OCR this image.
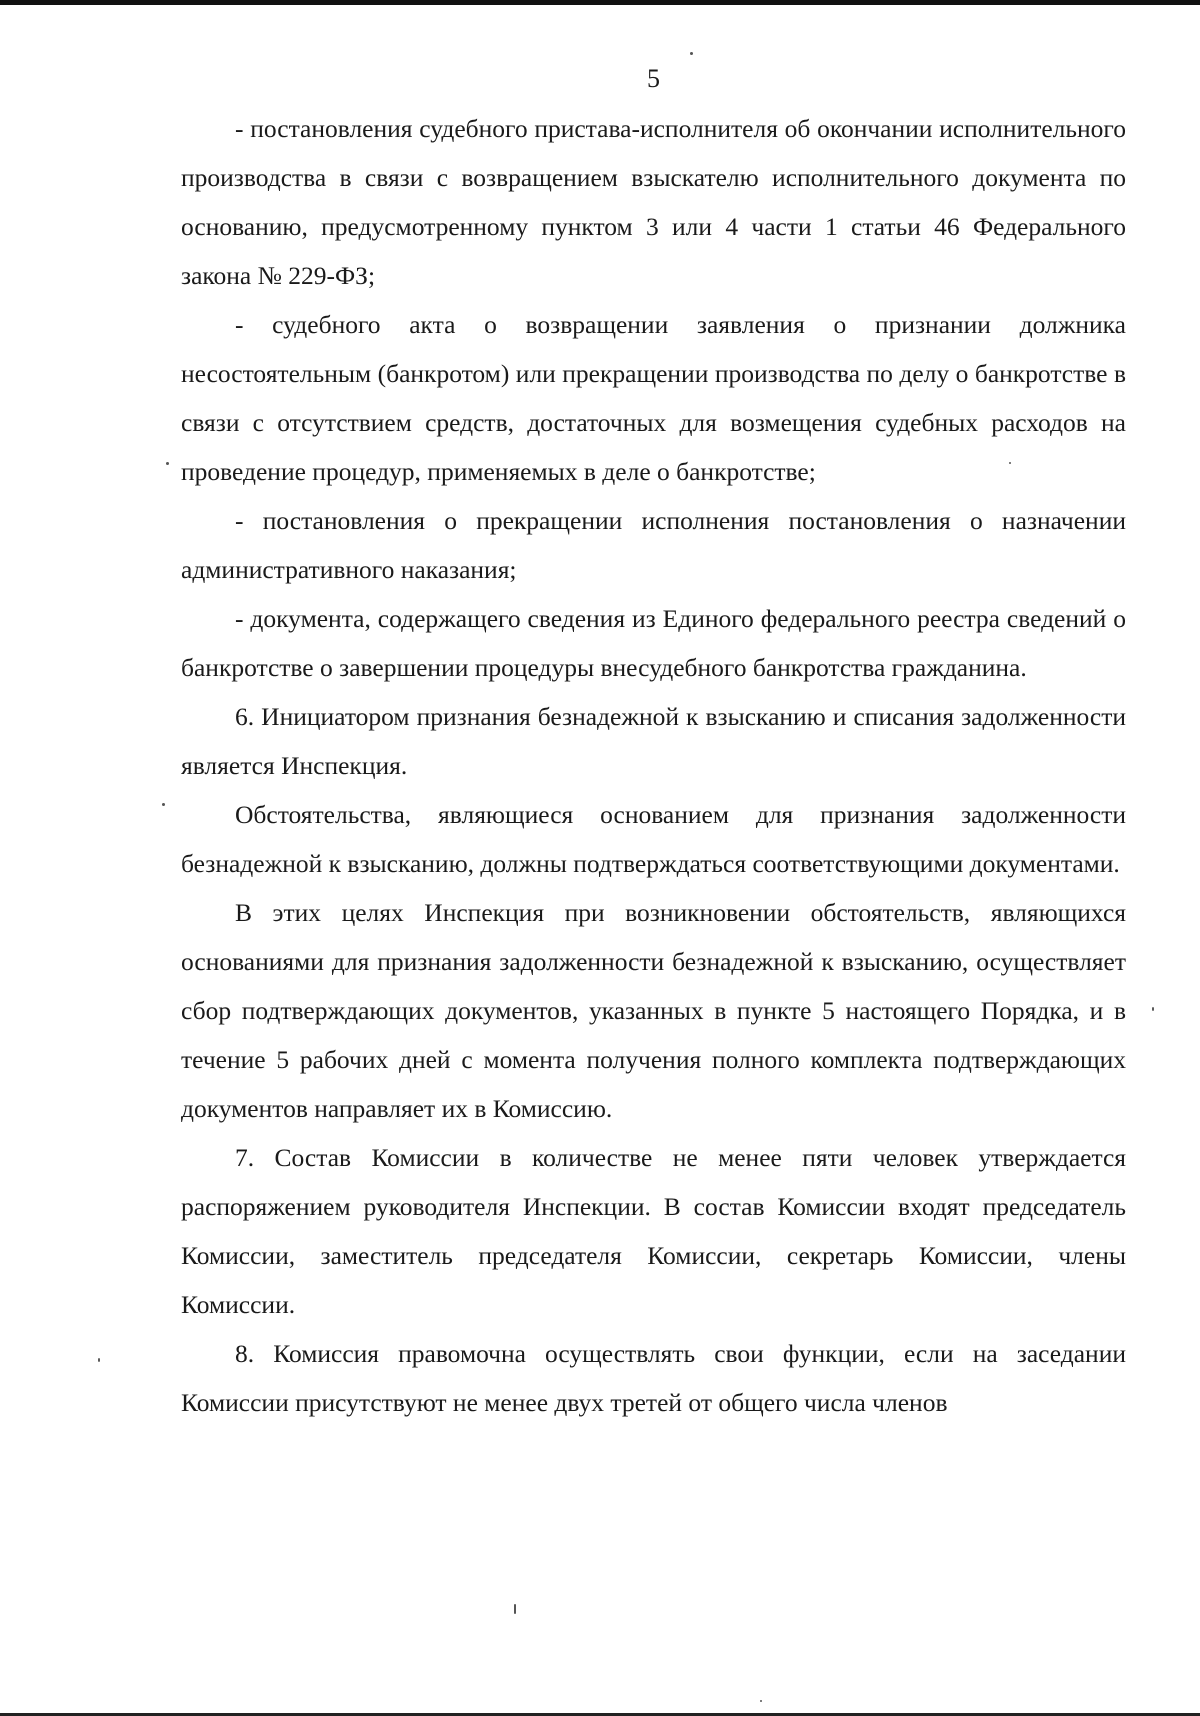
5

- постановления судебного пристава-исполнителя об окончании исполнительного производства в связи с возвращением взыскателю исполнительного документа по основанию, предусмотренному пунктом 3 или 4 части 1 статьи 46 Федерального закона № 229-ФЗ;

- судебного акта о возвращении заявления о признании должника несостоятельным (банкротом) или прекращении производства по делу о банкротстве в связи с отсутствием средств, достаточных для возмещения судебных расходов на проведение процедур, применяемых в деле о банкротстве;

- постановления о прекращении исполнения постановления о назначении административного наказания;

- документа, содержащего сведения из Единого федерального реестра сведений о банкротстве о завершении процедуры внесудебного банкротства гражданина.

6. Инициатором признания безнадежной к взысканию и списания задолженности является Инспекция.

Обстоятельства, являющиеся основанием для признания задолженности безнадежной к взысканию, должны подтверждаться соответствующими документами.

В этих целях Инспекция при возникновении обстоятельств, являющихся основаниями для признания задолженности безнадежной к взысканию, осуществляет сбор подтверждающих документов, указанных в пункте 5 настоящего Порядка, и в течение 5 рабочих дней с момента получения полного комплекта подтверждающих документов направляет их в Комиссию.

7. Состав Комиссии в количестве не менее пяти человек утверждается распоряжением руководителя Инспекции. В состав Комиссии входят председатель Комиссии, заместитель председателя Комиссии, секретарь Комиссии, члены Комиссии.

8. Комиссия правомочна осуществлять свои функции, если на заседании Комиссии присутствуют не менее двух третей от общего числа членов
